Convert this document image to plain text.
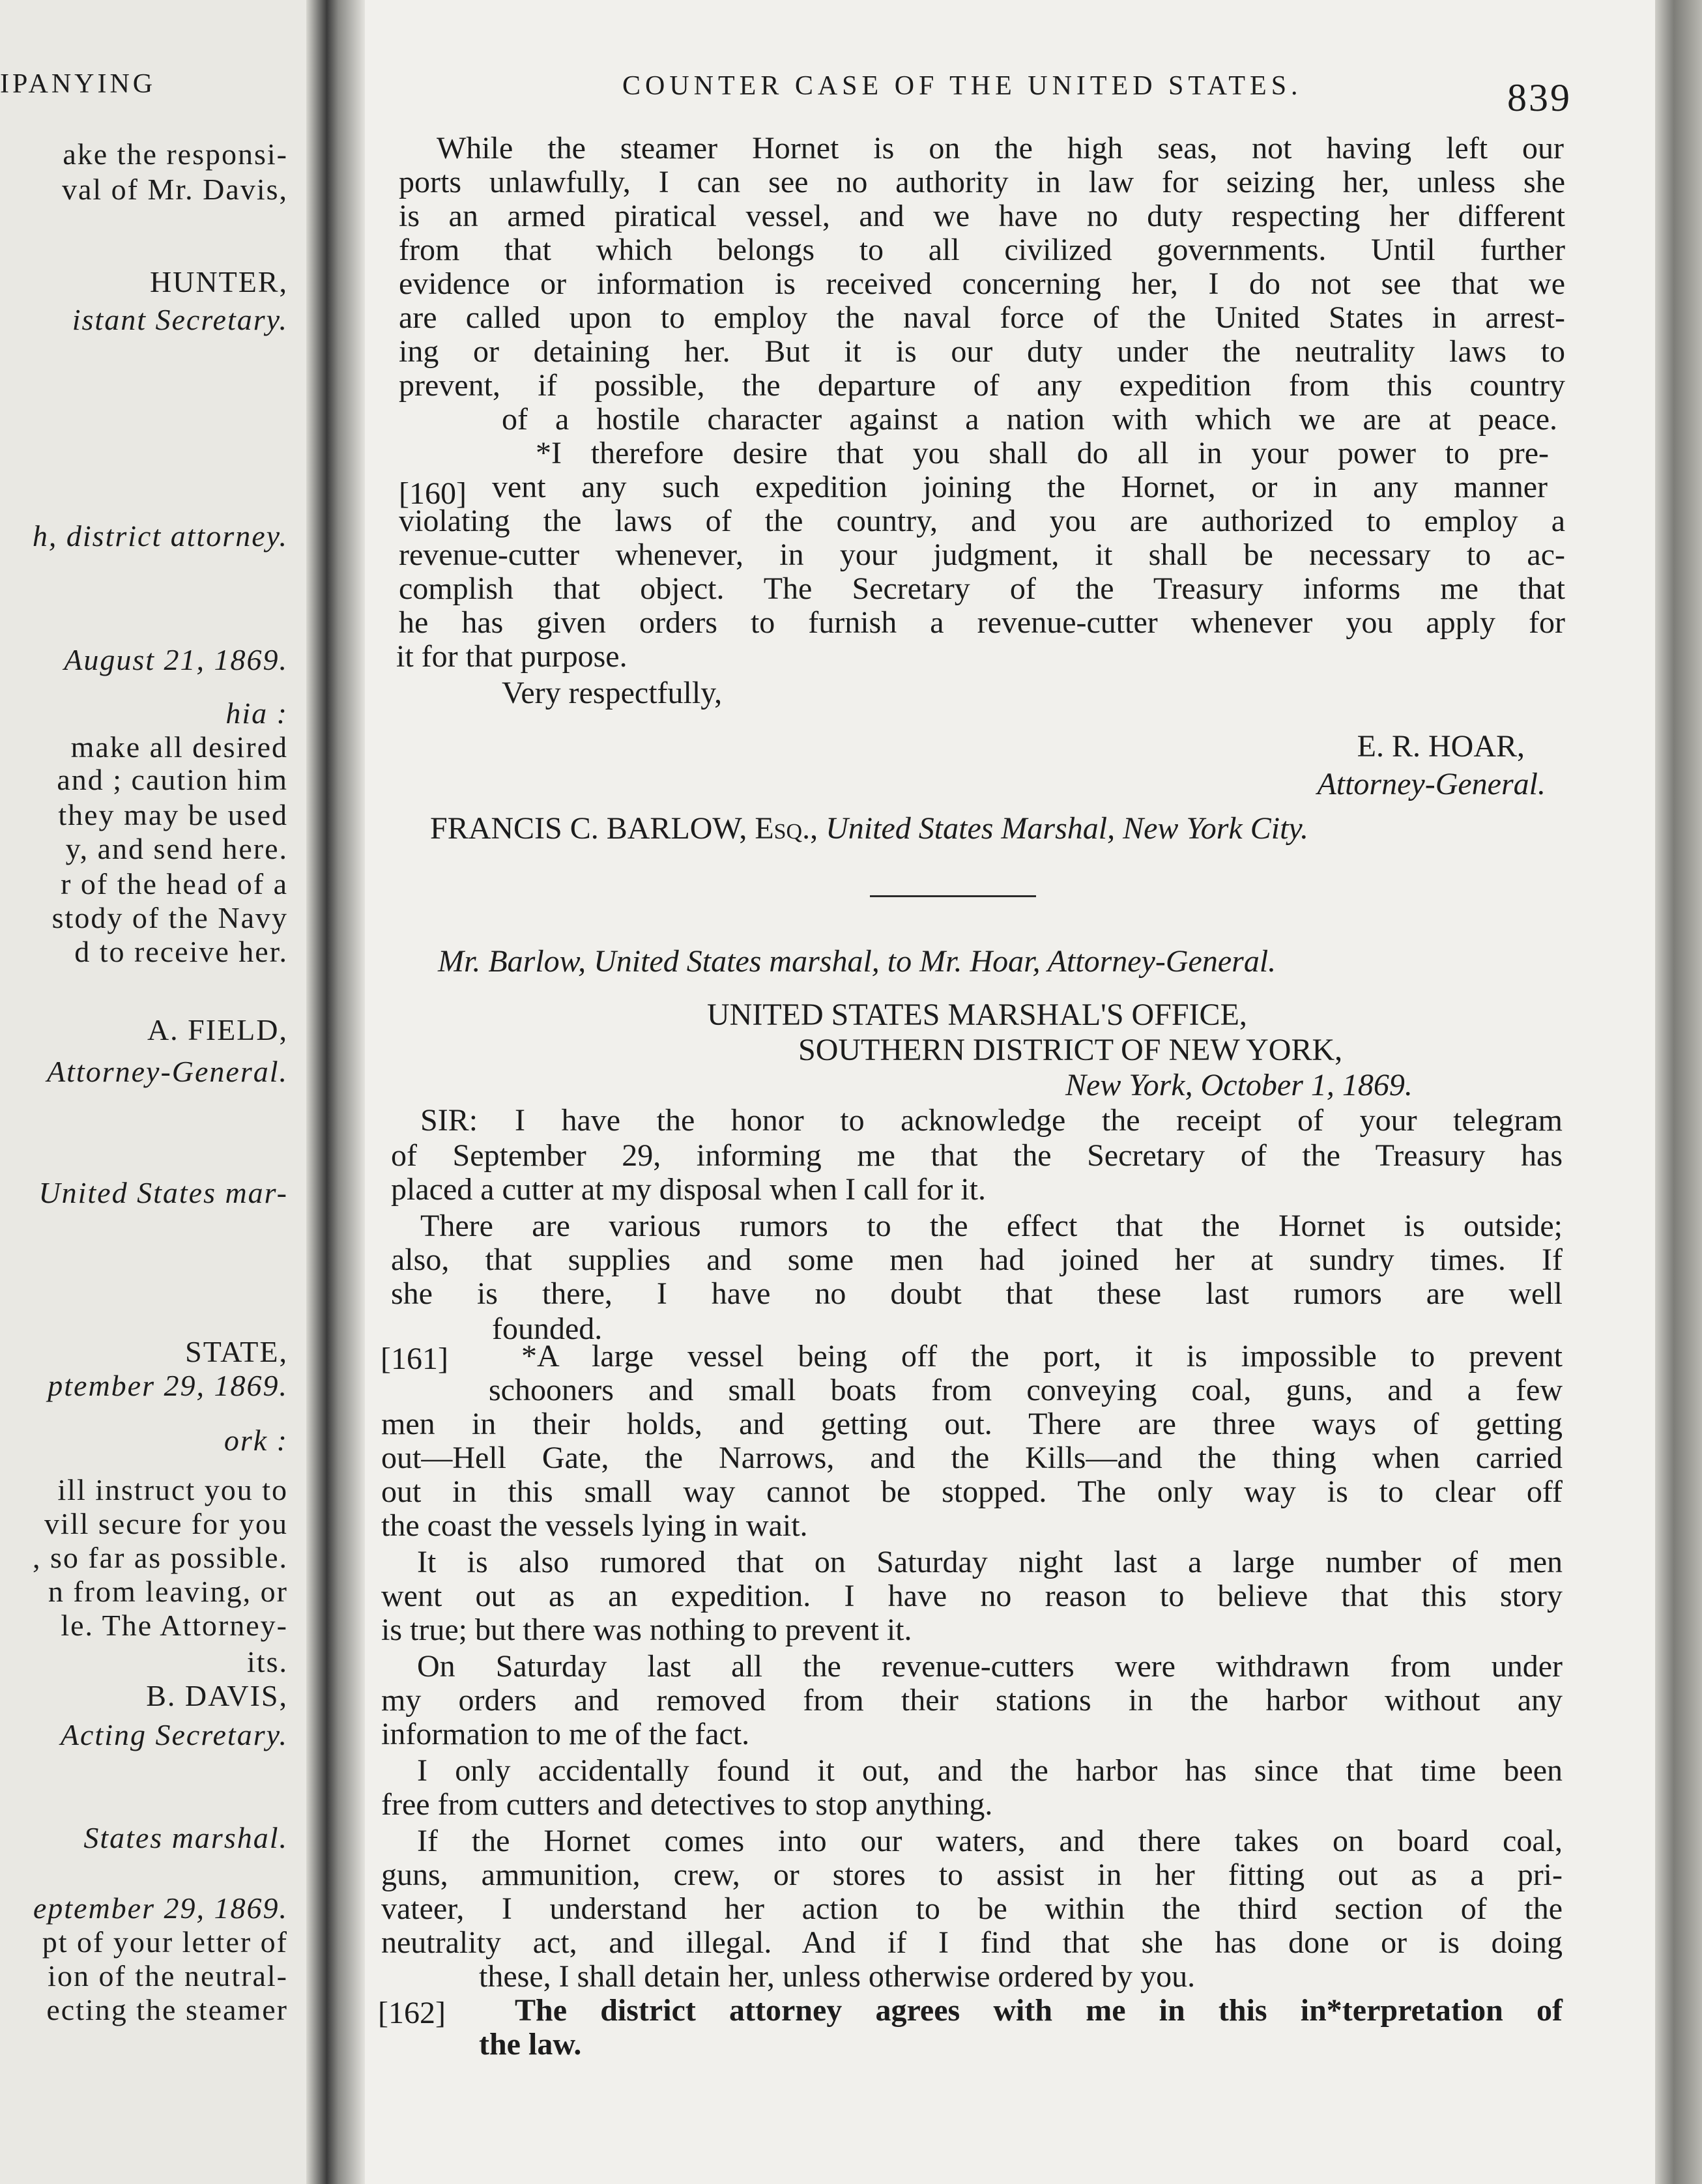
IPANYING
ake the responsi-
val of Mr. Davis,
HUNTER,
istant Secretary.
h, district attorney.
August 21, 1869.
hia :
make all desired
and ; caution him
they may be used
y, and send here.
r of the head of a
stody of the Navy
d to receive her.
A. FIELD,
Attorney-General.
United States mar-
STATE,
ptember 29, 1869.
ork :
ill instruct you to
vill secure for you
, so far as possible.
n from leaving, or
le. The Attorney-
its.
B. DAVIS,
Acting Secretary.
States marshal.
eptember 29, 1869.
pt of your letter of
ion of the neutral-
ecting the steamer
COUNTER CASE OF THE UNITED STATES.	839
While the steamer Hornet is on the high seas, not having left our
ports unlawfully, I can see no authority in law for seizing her, unless she
is an armed piratical vessel, and we have no duty respecting her different
from that which belongs to all civilized governments. Until further
evidence or information is received concerning her, I do not see that we
are called upon to employ the naval force of the United States in arrest-
ing or detaining her. But it is our duty under the neutrality laws to
prevent, if possible, the departure of any expedition from this country
of a hostile character against a nation with which we are at peace.
*I therefore desire that you shall do all in your power to pre-
vent any such expedition joining the Hornet, or in any manner
violating the laws of the country, and you are authorized to employ a
revenue-cutter whenever, in your judgment, it shall be necessary to ac-
complish that object. The Secretary of the Treasury informs me that
he has given orders to furnish a revenue-cutter whenever you apply for
it for that purpose.
Very respectfully,
[160]
E. R. HOAR,
Attorney-General.
FRANCIS C. BARLOW, Esq., United States Marshal, New York City.
Mr. Barlow, United States marshal, to Mr. Hoar, Attorney-General.
UNITED STATES MARSHAL'S OFFICE,
SOUTHERN DISTRICT OF NEW YORK,
New York, October 1, 1869.
SIR: I have the honor to acknowledge the receipt of your telegram
of September 29, informing me that the Secretary of the Treasury has
placed a cutter at my disposal when I call for it.
There are various rumors to the effect that the Hornet is outside;
also, that supplies and some men had joined her at sundry times. If
she is there, I have no doubt that these last rumors are well
founded.
*A large vessel being off the port, it is impossible to prevent
schooners and small boats from conveying coal, guns, and a few
men in their holds, and getting out. There are three ways of getting
out—Hell Gate, the Narrows, and the Kills—and the thing when carried
out in this small way cannot be stopped. The only way is to clear off
the coast the vessels lying in wait.
It is also rumored that on Saturday night last a large number of men
went out as an expedition. I have no reason to believe that this story
is true; but there was nothing to prevent it.
On Saturday last all the revenue-cutters were withdrawn from under
my orders and removed from their stations in the harbor without any
information to me of the fact.
I only accidentally found it out, and the harbor has since that time been
free from cutters and detectives to stop anything.
If the Hornet comes into our waters, and there takes on board coal,
guns, ammunition, crew, or stores to assist in her fitting out as a pri-
vateer, I understand her action to be within the third section of the
neutrality act, and illegal. And if I find that she has done or is doing
these, I shall detain her, unless otherwise ordered by you.
The district attorney agrees with me in this in*terpretation of
the law.
[161]
[162]
